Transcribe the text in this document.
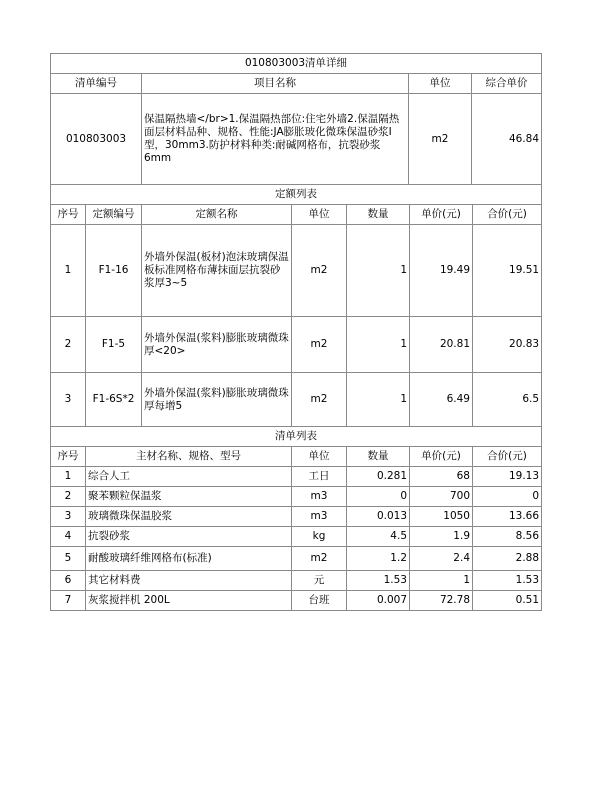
010803003清单详细			
清单编号	项目名称	单位	综合单价
010803003	保温隔热墙</br>1.保温隔热部位:住宅外墙2.保温隔热面层材料品种、规格、性能:JA膨胀玻化微珠保温砂浆I型，30mm3.防护材料种类:耐碱网格布，抗裂砂浆6mm	m2	46.84
定额列表						
序号	定额编号	定额名称	单位	数量	单价(元)	合价(元)
1	F1-16	外墙外保温(板材)泡沫玻璃保温板标准网格布薄抹面层抗裂砂浆厚3~5	m2	1	19.49	19.51
2	F1-5	外墙外保温(浆料)膨胀玻璃微珠厚<20>	m2	1	20.81	20.83
3	F1-6S*2	外墙外保温(浆料)膨胀玻璃微珠厚每增5	m2	1	6.49	6.5
清单列表					
序号	主材名称、规格、型号	单位	数量	单价(元)	合价(元)
1	综合人工	工日	0.281	68	19.13
2	聚苯颗粒保温浆	m3	0	700	0
3	玻璃微珠保温胶浆	m3	0.013	1050	13.66
4	抗裂砂浆	kg	4.5	1.9	8.56
5	耐酸玻璃纤维网格布(标准)	m2	1.2	2.4	2.88
6	其它材料费	元	1.53	1	1.53
7	灰浆搅拌机 200L	台班	0.007	72.78	0.51
